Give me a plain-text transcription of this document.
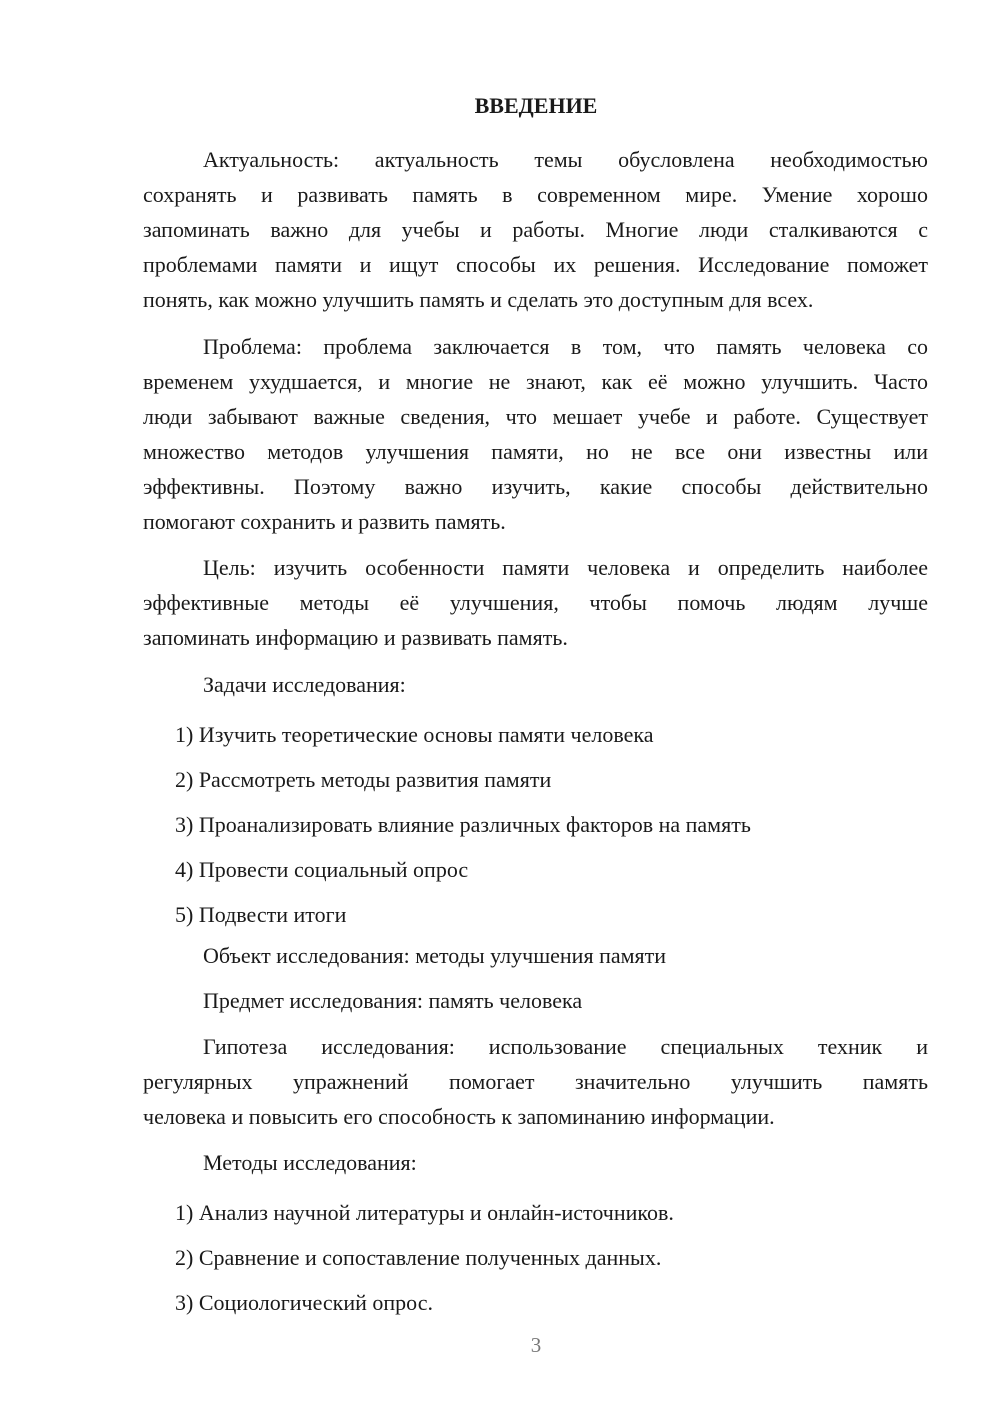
ВВЕДЕНИЕ
Актуальность: актуальность темы обусловлена необходимостью
сохранять и развивать память в современном мире. Умение хорошо
запоминать важно для учебы и работы. Многие люди сталкиваются с
проблемами памяти и ищут способы их решения. Исследование поможет
понять, как можно улучшить память и сделать это доступным для всех.
Проблема: проблема заключается в том, что память человека со
временем ухудшается, и многие не знают, как её можно улучшить. Часто
люди забывают важные сведения, что мешает учебе и работе. Существует
множество методов улучшения памяти, но не все они известны или
эффективны. Поэтому важно изучить, какие способы действительно
помогают сохранить и развить память.
Цель: изучить особенности памяти человека и определить наиболее
эффективные методы её улучшения, чтобы помочь людям лучше
запоминать информацию и развивать память.
Задачи исследования:
1) Изучить теоретические основы памяти человека
2) Рассмотреть методы развития памяти
3) Проанализировать влияние различных факторов на память
4) Провести социальный опрос
5) Подвести итоги
Объект исследования: методы улучшения памяти
Предмет исследования: память человека
Гипотеза исследования: использование специальных техник и
регулярных упражнений помогает значительно улучшить память
человека и повысить его способность к запоминанию информации.
Методы исследования:
1) Анализ научной литературы и онлайн-источников.
2) Сравнение и сопоставление полученных данных.
3) Социологический опрос.
3
